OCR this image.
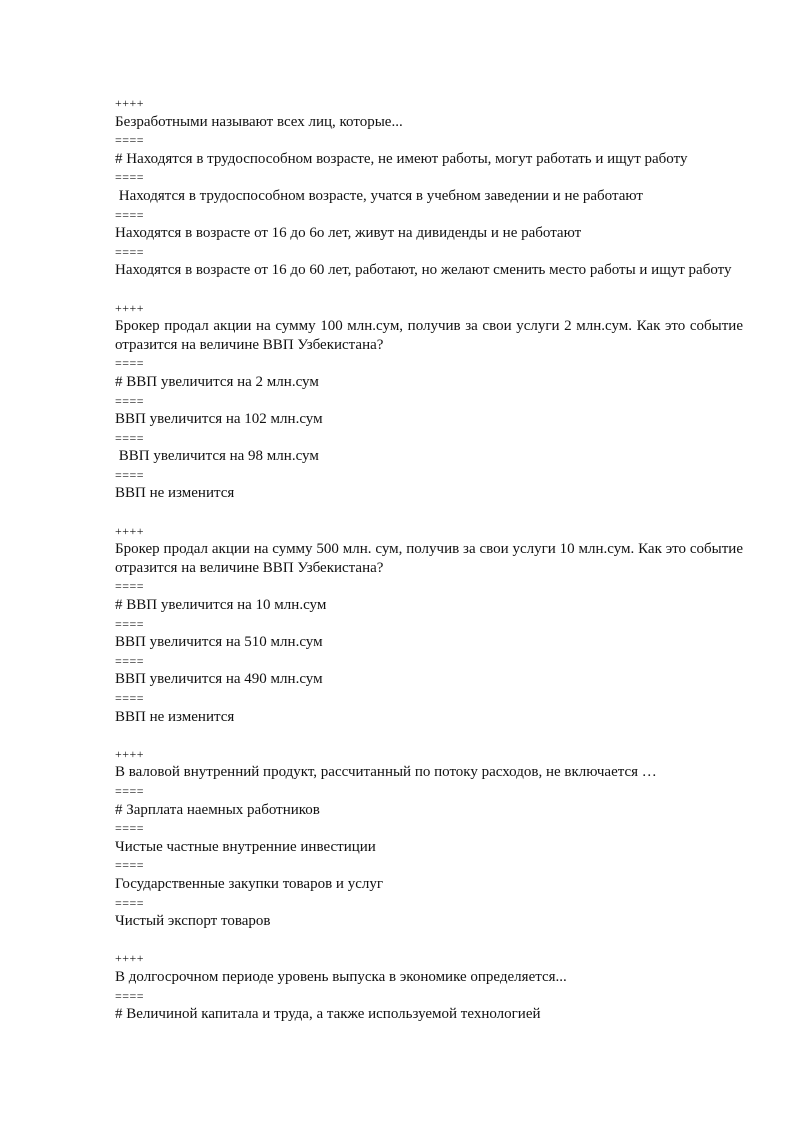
++++

Безработными называют всех лиц, которые...

====

# Находятся в трудоспособном возрасте, не имеют работы, могут работать и ищут работу

====

Находятся в трудоспособном возрасте, учатся в учебном заведении и не работают

====

Находятся в возрасте от 16 до 6о лет, живут на дивиденды и не работают

====

Находятся в возрасте от 16 до 60 лет, работают, но желают сменить место работы и ищут работу

++++

Брокер продал акции на сумму 100 млн.сум, получив за свои услуги 2 млн.сум. Как это событие отразится на величине ВВП Узбекистана?

====

# ВВП увеличится на 2 млн.сум

====

ВВП увеличится на 102 млн.сум

====

ВВП увеличится на 98 млн.сум

====

ВВП не изменится

++++

Брокер продал акции на сумму 500 млн. сум, получив за свои услуги 10 млн.сум. Как это событие отразится на величине ВВП Узбекистана?

====

# ВВП увеличится на 10 млн.сум

====

ВВП увеличится на 510 млн.сум

====

ВВП увеличится на 490 млн.сум

====

ВВП не изменится

++++

В валовой внутренний продукт, рассчитанный по потоку расходов, не включается …

====

# Зарплата наемных работников

====

Чистые частные внутренние инвестиции

====

Государственные закупки товаров и услуг

====

Чистый экспорт товаров

++++

В долгосрочном периоде уровень выпуска в экономике определяется...

====

# Величиной капитала и труда, а также используемой технологией
